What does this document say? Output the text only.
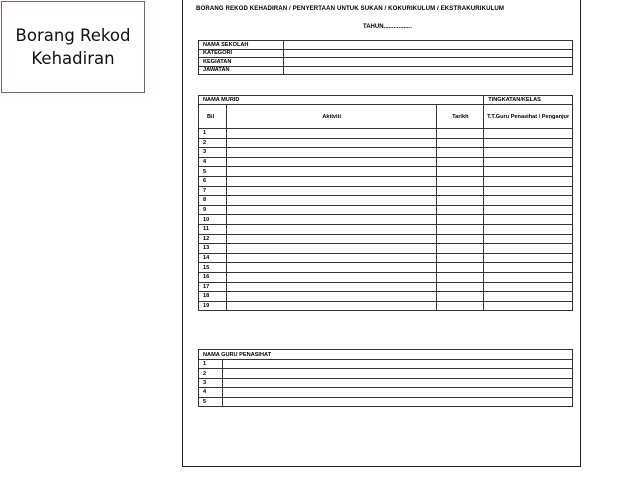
Borang Rekod
Kehadiran
BORANG REKOD KEHADIRAN / PENYERTAAN UNTUK SUKAN / KOKURIKULUM / EKSTRAKURIKULUM
TAHUN.................
NAMA SEKOLAH	
KATEGORI	
KEGIATAN	
JAWATAN	
NAMA MURID			TINGKATAN/KELAS
Bil	Aktiviti	Tarikh	T.T.Guru Penasihat / Penganjur
1			
2			
3			
4			
5			
6			
7			
8			
9			
10			
11			
12			
13			
14			
15			
16			
17			
18			
19			
NAMA GURU PENASIHAT	
1	
2	
3	
4	
5	
